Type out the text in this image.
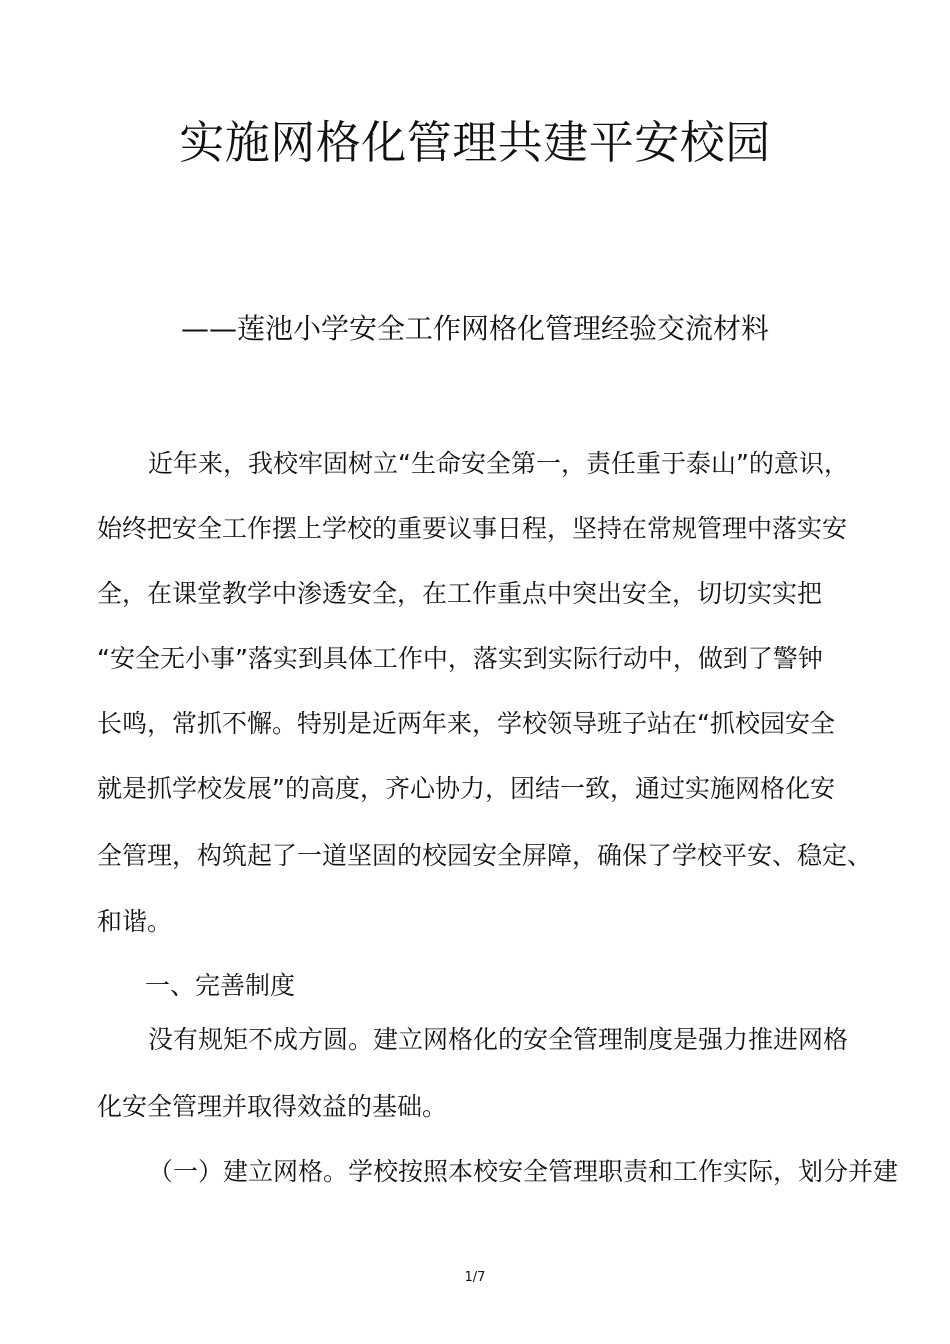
实施网格化管理共建平安校园
——莲池小学安全工作网格化管理经验交流材料
近年来，我校牢固树立“生命安全第一，责任重于泰山”的意识，
始终把安全工作摆上学校的重要议事日程，坚持在常规管理中落实安
全，在课堂教学中渗透安全，在工作重点中突出安全，切切实实把
“安全无小事”落实到具体工作中，落实到实际行动中，做到了警钟
长鸣，常抓不懈。特别是近两年来，学校领导班子站在“抓校园安全
就是抓学校发展”的高度，齐心协力，团结一致，通过实施网格化安
全管理，构筑起了一道坚固的校园安全屏障，确保了学校平安、稳定、
和谐。
一、完善制度
没有规矩不成方圆。建立网格化的安全管理制度是强力推进网格
化安全管理并取得效益的基础。
（一）建立网格。学校按照本校安全管理职责和工作实际，划分并建
1/7
